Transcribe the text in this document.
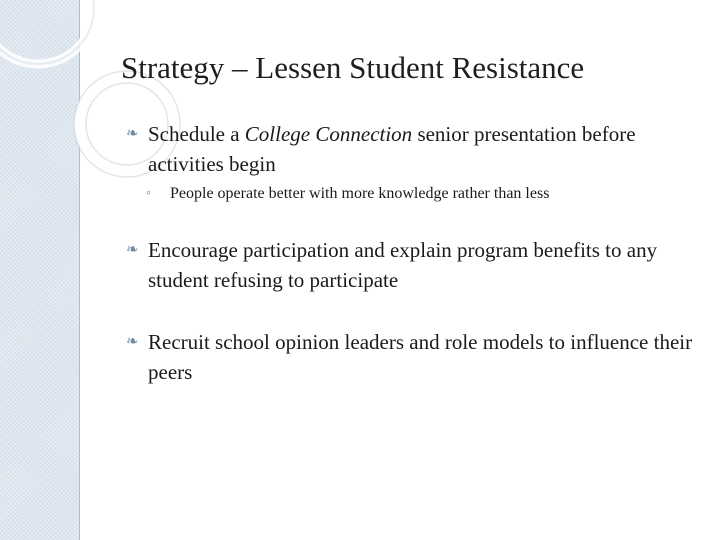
Strategy – Lessen Student Resistance
❧ Schedule a College Connection senior presentation before activities begin
◦ People operate better with more knowledge rather than less
❧ Encourage participation and explain program benefits to any student refusing to participate
❧ Recruit school opinion leaders and role models to influence their peers
